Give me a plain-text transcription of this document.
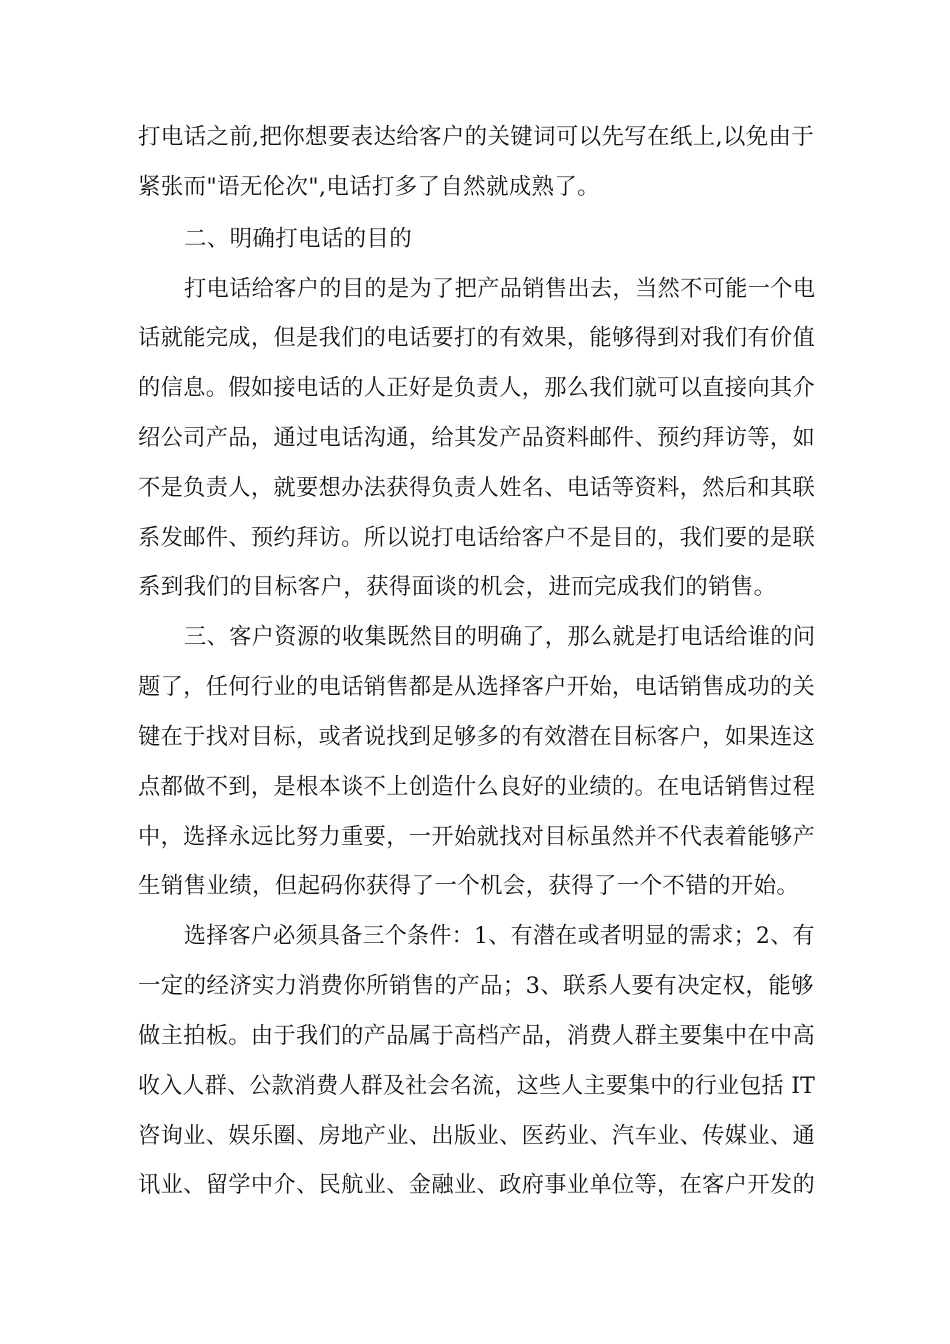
打电话之前,把你想要表达给客户的关键词可以先写在纸上,以免由于
紧张而"语无伦次",电话打多了自然就成熟了。
二、明确打电话的目的
打电话给客户的目的是为了把产品销售出去，当然不可能一个电
话就能完成，但是我们的电话要打的有效果，能够得到对我们有价值
的信息。假如接电话的人正好是负责人，那么我们就可以直接向其介
绍公司产品，通过电话沟通，给其发产品资料邮件、预约拜访等，如
不是负责人，就要想办法获得负责人姓名、电话等资料，然后和其联
系发邮件、预约拜访。所以说打电话给客户不是目的，我们要的是联
系到我们的目标客户，获得面谈的机会，进而完成我们的销售。
三、客户资源的收集既然目的明确了，那么就是打电话给谁的问
题了，任何行业的电话销售都是从选择客户开始，电话销售成功的关
键在于找对目标，或者说找到足够多的有效潜在目标客户，如果连这
点都做不到，是根本谈不上创造什么良好的业绩的。在电话销售过程
中，选择永远比努力重要，一开始就找对目标虽然并不代表着能够产
生销售业绩，但起码你获得了一个机会，获得了一个不错的开始。
选择客户必须具备三个条件：1、有潜在或者明显的需求；2、有
一定的经济实力消费你所销售的产品；3、联系人要有决定权，能够
做主拍板。由于我们的产品属于高档产品，消费人群主要集中在中高
收入人群、公款消费人群及社会名流，这些人主要集中的行业包括 IT
咨询业、娱乐圈、房地产业、出版业、医药业、汽车业、传媒业、通
讯业、留学中介、民航业、金融业、政府事业单位等，在客户开发的
